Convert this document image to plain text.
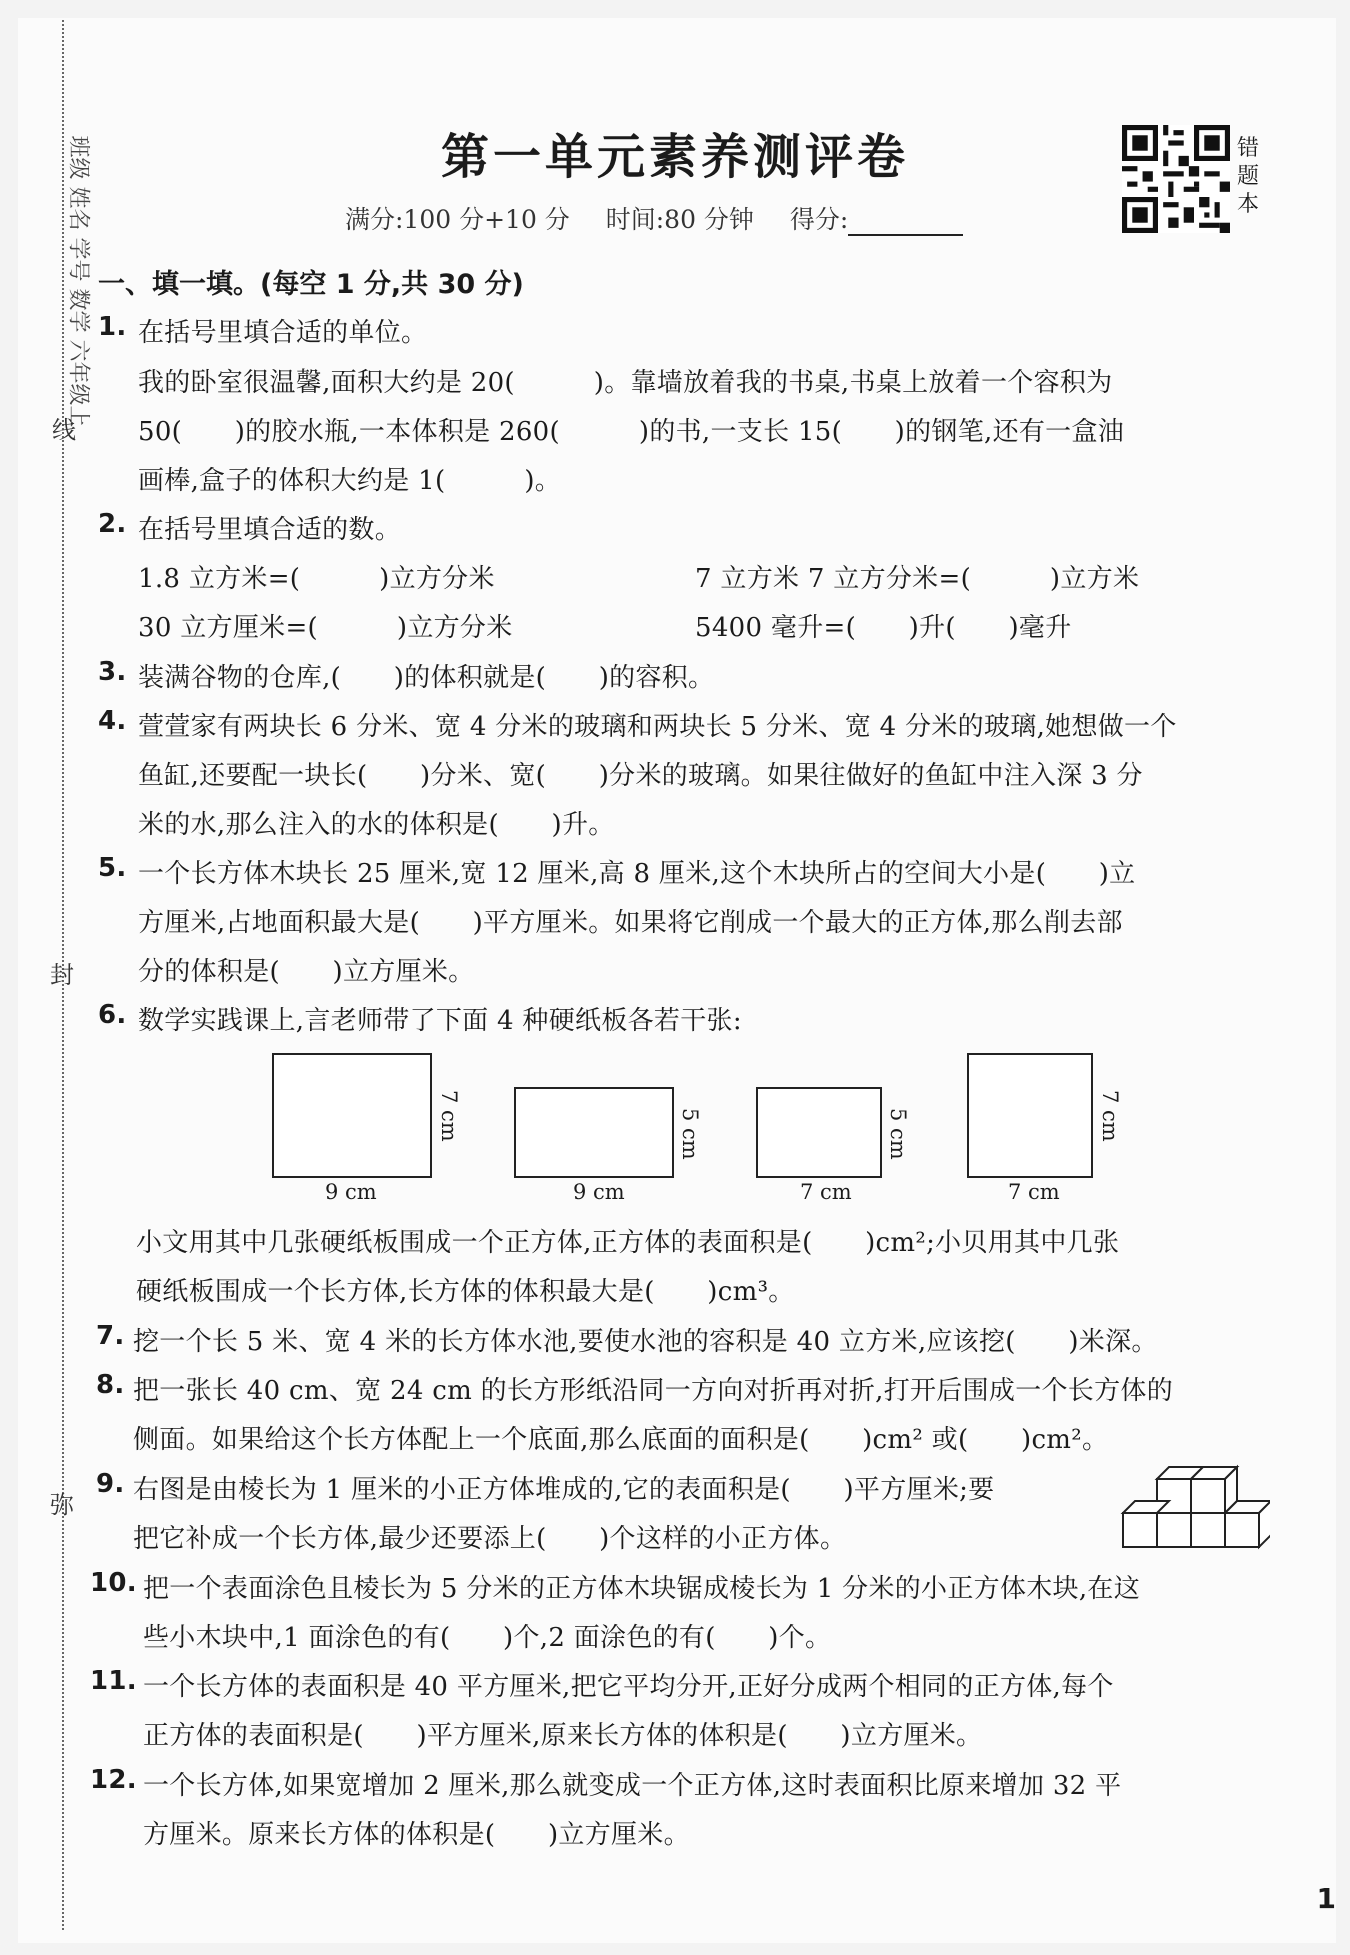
班级 姓名 学号 数学 六年级上
线
封
弥
第一单元素养测评卷
满分:100 分+10 分 时间:80 分钟 得分:
错
题
本
一、填一填。(每空 1 分,共 30 分)
1. 在括号里填合适的单位。
我的卧室很温馨,面积大约是 20(　　　)。靠墙放着我的书桌,书桌上放着一个容积为
50(　　)的胶水瓶,一本体积是 260(　　　)的书,一支长 15(　　)的钢笔,还有一盒油
画棒,盒子的体积大约是 1(　　　)。
2. 在括号里填合适的数。
1.8 立方米=(　　　)立方分米	7 立方米 7 立方分米=(　　　)立方米
30 立方厘米=(　　　)立方分米	5400 毫升=(　　)升(　　)毫升
3. 装满谷物的仓库,(　　)的体积就是(　　)的容积。
4. 萱萱家有两块长 6 分米、宽 4 分米的玻璃和两块长 5 分米、宽 4 分米的玻璃,她想做一个
鱼缸,还要配一块长(　　)分米、宽(　　)分米的玻璃。如果往做好的鱼缸中注入深 3 分
米的水,那么注入的水的体积是(　　)升。
5. 一个长方体木块长 25 厘米,宽 12 厘米,高 8 厘米,这个木块所占的空间大小是(　　)立
方厘米,占地面积最大是(　　)平方厘米。如果将它削成一个最大的正方体,那么削去部
分的体积是(　　)立方厘米。
6. 数学实践课上,言老师带了下面 4 种硬纸板各若干张:
9 cm
7 cm
9 cm
5 cm
7 cm
5 cm
7 cm
7 cm
小文用其中几张硬纸板围成一个正方体,正方体的表面积是(　　)cm²;小贝用其中几张
硬纸板围成一个长方体,长方体的体积最大是(　　)cm³。
7. 挖一个长 5 米、宽 4 米的长方体水池,要使水池的容积是 40 立方米,应该挖(　　)米深。
8. 把一张长 40 cm、宽 24 cm 的长方形纸沿同一方向对折再对折,打开后围成一个长方体的
侧面。如果给这个长方体配上一个底面,那么底面的面积是(　　)cm² 或(　　)cm²。
9. 右图是由棱长为 1 厘米的小正方体堆成的,它的表面积是(　　)平方厘米;要
把它补成一个长方体,最少还要添上(　　)个这样的小正方体。
10. 把一个表面涂色且棱长为 5 分米的正方体木块锯成棱长为 1 分米的小正方体木块,在这
些小木块中,1 面涂色的有(　　)个,2 面涂色的有(　　)个。
11. 一个长方体的表面积是 40 平方厘米,把它平均分开,正好分成两个相同的正方体,每个
正方体的表面积是(　　)平方厘米,原来长方体的体积是(　　)立方厘米。
12. 一个长方体,如果宽增加 2 厘米,那么就变成一个正方体,这时表面积比原来增加 32 平
方厘米。原来长方体的体积是(　　)立方厘米。
1
